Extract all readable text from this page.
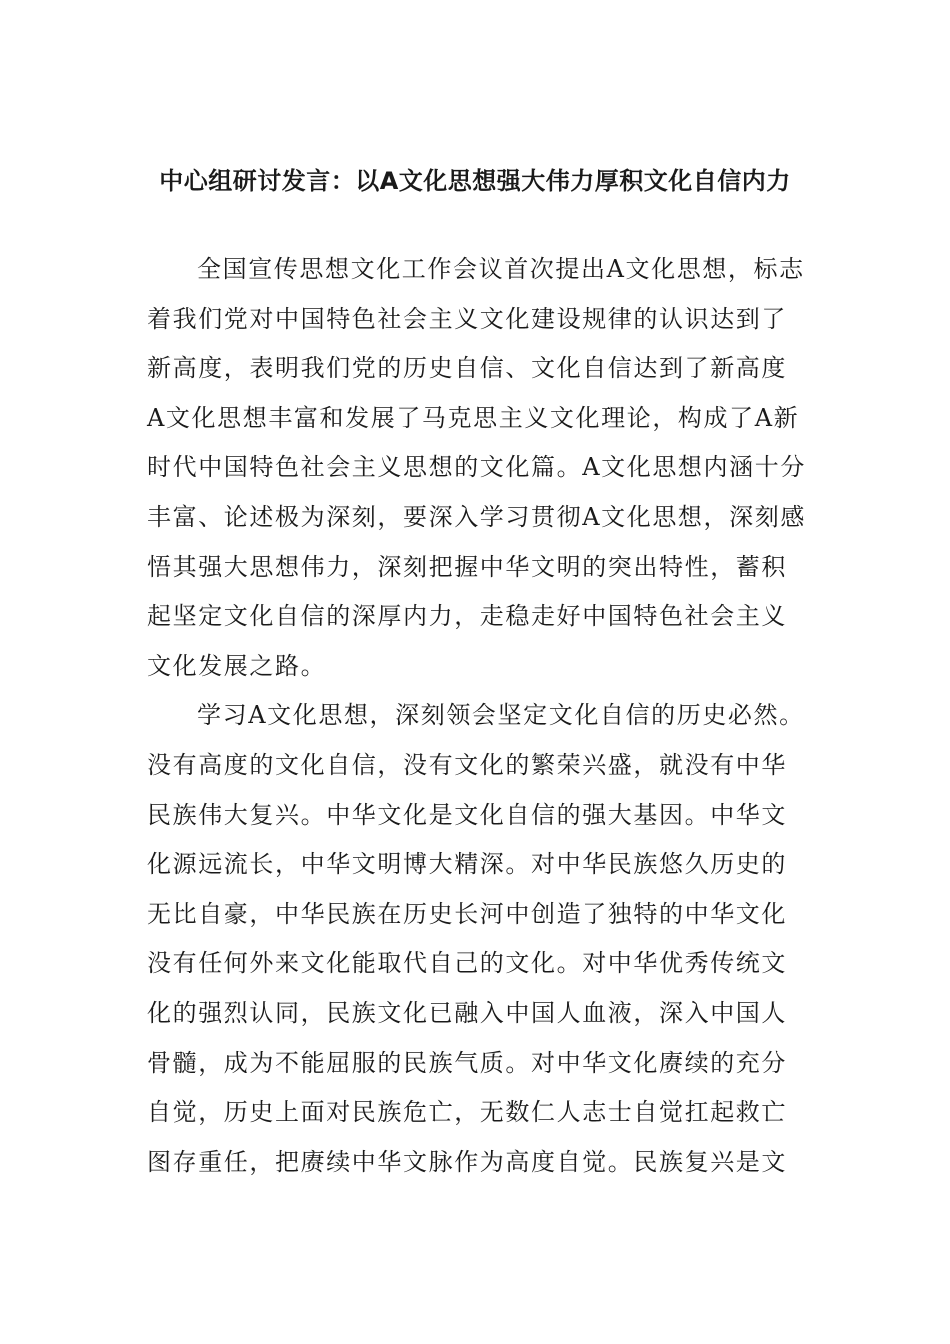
中心组研讨发言：以A文化思想强大伟力厚积文化自信内力
全国宣传思想文化工作会议首次提出A文化思想，标志
着我们党对中国特色社会主义文化建设规律的认识达到了
新高度，表明我们党的历史自信、文化自信达到了新高度
A文化思想丰富和发展了马克思主义文化理论，构成了A新
时代中国特色社会主义思想的文化篇。A文化思想内涵十分
丰富、论述极为深刻，要深入学习贯彻A文化思想，深刻感
悟其强大思想伟力，深刻把握中华文明的突出特性，蓄积
起坚定文化自信的深厚内力，走稳走好中国特色社会主义
文化发展之路。
学习A文化思想，深刻领会坚定文化自信的历史必然。
没有高度的文化自信，没有文化的繁荣兴盛，就没有中华
民族伟大复兴。中华文化是文化自信的强大基因。中华文
化源远流长，中华文明博大精深。对中华民族悠久历史的
无比自豪，中华民族在历史长河中创造了独特的中华文化
没有任何外来文化能取代自己的文化。对中华优秀传统文
化的强烈认同，民族文化已融入中国人血液，深入中国人
骨髓，成为不能屈服的民族气质。对中华文化赓续的充分
自觉，历史上面对民族危亡，无数仁人志士自觉扛起救亡
图存重任，把赓续中华文脉作为高度自觉。民族复兴是文
